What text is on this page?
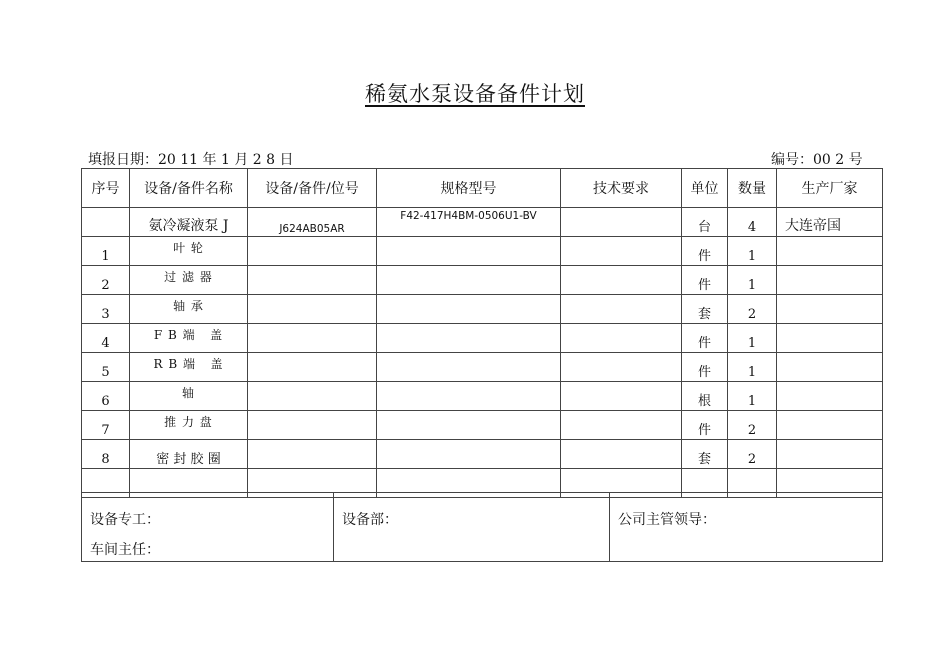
稀氨水泵设备备件计划
填报日期：20 11 年 1 月 2 8 日	编号：00 2 号
序号	设备/备件名称	设备/备件/位号	规格型号	技术要求	单位	数量	生产厂家

	氨冷凝液泵 J	J624AB05AR	F42-417H4BM-0506U1-BV		台	4	大连帝国

1	叶 轮				件	1	

2	过 滤 器				件	1	

3	轴 承				套	2	

4	F B 端   盖				件	1	

5	R B 端   盖				件	1	

6	轴				根	1	

7	推 力 盘				件	2	

8	密 封 胶 圈				套	2	

设备专工：
车间主任：

设备部：	公司主管领导：
